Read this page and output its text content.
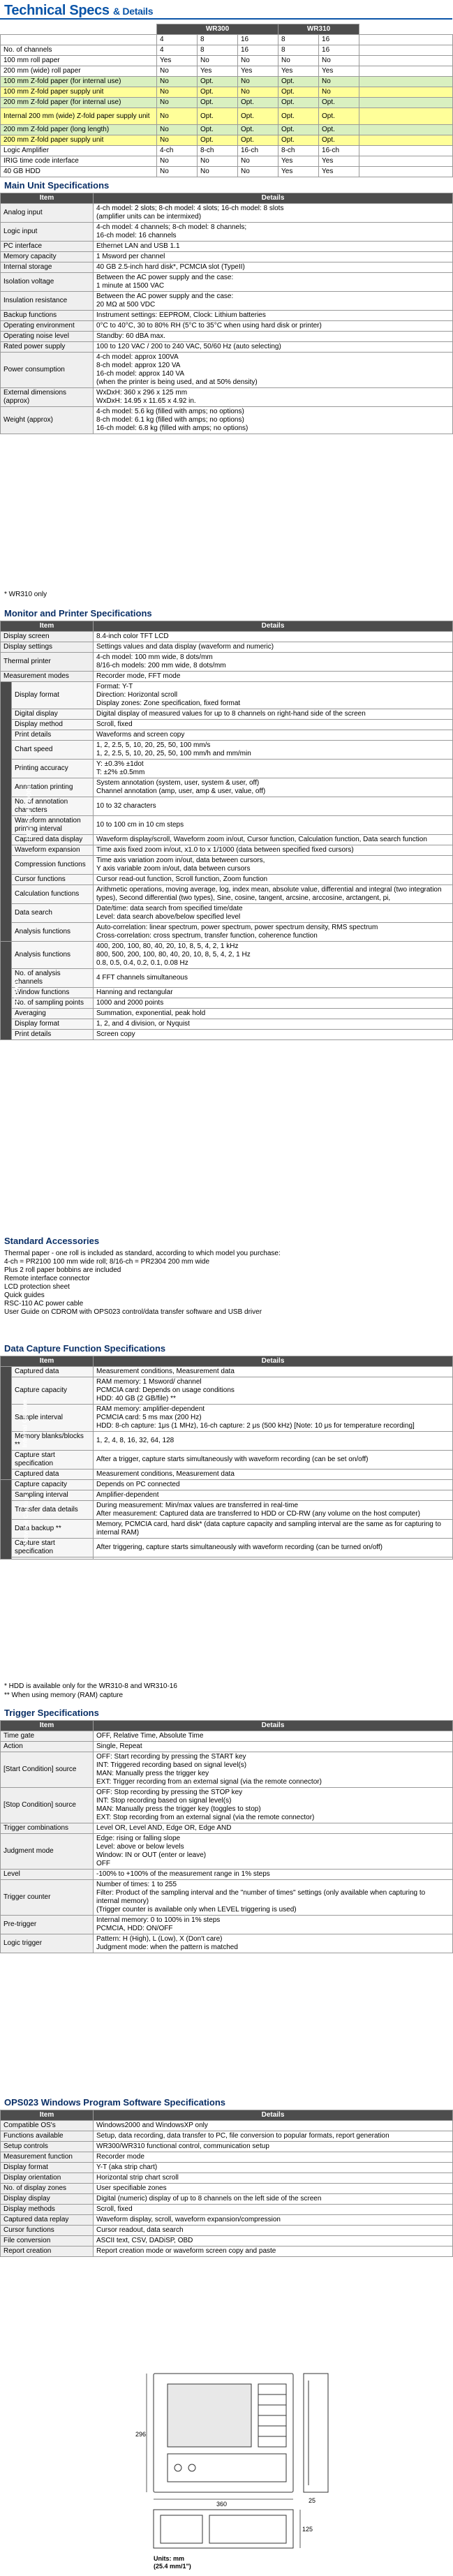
Technical Specs & Details
	WR300			WR310		
	4	8	16	8	16	
No. of channels	4	8	16	8	16	
100 mm roll paper	Yes	No	No	No	No	
200 mm (wide) roll paper	No	Yes	Yes	Yes	Yes	
100 mm Z-fold paper (for internal use)	No	Opt.	No	Opt.	No	
100 mm Z-fold paper supply unit	No	Opt.	No	Opt.	No	
200 mm Z-fold paper (for internal use)	No	Opt.	Opt.	Opt.	Opt.	
Internal 200 mm (wide) Z-fold paper supply unit	No	Opt.	Opt.	Opt.	Opt.	
200 mm Z-fold paper (long length)	No	Opt.	Opt.	Opt.	Opt.	
200 mm Z-fold paper supply unit	No	Opt.	Opt.	Opt.	Opt.	
Logic Amplifier	4-ch	8-ch	16-ch	8-ch	16-ch	
IRIG time code interface	No	No	No	Yes	Yes	
40 GB HDD	No	No	No	Yes	Yes	
Main Unit Specifications
Item	Details
Analog input	4-ch model: 2 slots; 8-ch model: 4 slots; 16-ch model: 8 slots
(amplifier units can be intermixed)
Logic input	4-ch model: 4 channels; 8-ch model: 8 channels;
16-ch model: 16 channels
PC interface	Ethernet LAN and USB 1.1
Memory capacity	1 Msword per channel
Internal storage	40 GB 2.5-inch hard disk*, PCMCIA slot (TypeII)
Isolation voltage	Between the AC power supply and the case:
1 minute at 1500 VAC
Insulation resistance	Between the AC power supply and the case:
20 MΩ at 500 VDC
Backup functions	Instrument settings: EEPROM, Clock: Lithium batteries
Operating environment	0°C to 40°C, 30 to 80% RH (5°C to 35°C when using hard disk or printer)
Operating noise level	Standby: 60 dBA max.
Rated power supply	100 to 120 VAC / 200 to 240 VAC, 50/60 Hz (auto selecting)
Power consumption	4-ch model: approx 100VA
8-ch model: approx 120 VA
16-ch model: approx 140 VA
(when the printer is being used, and at 50% density)
External dimensions (approx)	WxDxH: 360 x 296 x 125 mm
WxDxH: 14.95 x 11.65 x 4.92 in.
Weight (approx)	4-ch model: 5.6 kg (filled with amps; no options)
8-ch model: 6.1 kg (filled with amps; no options)
16-ch model: 6.8 kg (filled with amps; no options)
* WR310 only
Monitor and Printer Specifications
Item		Details
Display screen		8.4-inch color TFT LCD
Display settings		Settings values and data display (waveform and numeric)
Thermal printer		4-ch model: 100 mm wide, 8 dots/mm
8/16-ch models: 200 mm wide, 8 dots/mm
Measurement modes		Recorder mode, FFT mode
RECORDER MODE	Display format	Format: Y-T
Direction: Horizontal scroll
Display zones: Zone specification, fixed format
	Digital display	Digital display of measured values for up to 8 channels on right-hand side of the screen
	Display method	Scroll, fixed
	Print details	Waveforms and screen copy
	Chart speed	1, 2, 2.5, 5, 10, 20, 25, 50, 100 mm/s
1, 2, 2.5, 5, 10, 20, 25, 50, 100 mm/h and mm/min
	Printing accuracy	Y: ±0.3% ±1dot
T: ±2% ±0.5mm
	Annotation printing	System annotation (system, user, system & user, off)
Channel annotation (amp, user, amp & user, value, off)
	No. of annotation characters	10 to 32 characters
	Waveform annotation printing interval	10 to 100 cm in 10 cm steps
	Captured data display	Waveform display/scroll, Waveform zoom in/out, Cursor function, Calculation function, Data search function
	Waveform expansion	Time axis fixed zoom in/out, x1.0 to x 1/1000 (data between specified fixed cursors)
	Compression functions	Time axis variation zoom in/out, data between cursors,
Y axis variable zoom in/out, data between cursors
	Cursor functions	Cursor read-out function, Scroll function, Zoom function
	Calculation functions	Arithmetic operations, moving average, log, index mean, absolute value, differential and integral (two integration types), Second differential (two types), Sine, cosine, tangent, arcsine, arccosine, arctangent, pi,
	Data search	Date/time: data search from specified time/date
Level: data search above/below specified level
	Analysis functions	Auto-correlation: linear spectrum, power spectrum, power spectrum density, RMS spectrum
Cross-correlation: cross spectrum, transfer function, coherence function
FFT MODE	Analysis functions	400, 200, 100, 80, 40, 20, 10, 8, 5, 4, 2, 1 kHz
800, 500, 200, 100, 80, 40, 20, 10, 8, 5, 4, 2, 1 Hz
0.8, 0.5, 0.4, 0.2, 0.1, 0.08 Hz
	No. of analysis channels	4 FFT channels simultaneous
	Window functions	Hanning and rectangular
	No. of sampling points	1000 and 2000 points
	Averaging	Summation, exponential, peak hold
	Display format	1, 2, and 4 division, or Nyquist
	Print details	Screen copy
Standard Accessories
Thermal paper - one roll is included as standard, according to which model you purchase:
4-ch = PR2100 100 mm wide roll; 8/16-ch = PR2304 200 mm wide
Plus 2 roll paper bobbins are included
Remote interface connector
LCD protection sheet
Quick guides
RSC-110 AC power cable
User Guide on CDROM with OPS023 control/data transfer software and USB driver
Data Capture Function Specifications
Item		Details
Internal Capture	Captured data	Measurement conditions, Measurement data
	Capture capacity	RAM memory: 1 Msword/ channel
PCMCIA card: Depends on usage conditions
HDD: 40 GB (2 GB/file) **
	Sample interval	RAM memory: amplifier-dependent
PCMCIA card: 5 ms max (200 Hz)
HDD: 8-ch capture: 1μs (1 MHz), 16-ch capture: 2 μs (500 kHz) [Note: 10 μs for temperature recording]
	Memory blanks/blocks **	1, 2, 4, 8, 16, 32, 64, 128
	Capture start specification	After a trigger, capture starts simultaneously with waveform recording (can be set on/off)
	Captured data	Measurement conditions, Measurement data
Network Capture	Capture capacity	Depends on PC connected
	Sampling interval	Amplifier-dependent
	Transfer data details	During measurement: Min/max values are transferred in real-time
After measurement: Captured data are transferred to HDD or CD-RW (any volume on the host computer)
	Data backup **	Memory, PCMCIA card, hard disk* (data capture capacity and sampling interval are the same as for capturing to internal RAM)
	Capture start specification	After triggering, capture starts simultaneously with waveform recording (can be turned on/off)

* HDD is available only for the WR310-8 and WR310-16
** When using memory (RAM) capture
Trigger Specifications
Item	Details
Time gate	OFF, Relative Time, Absolute Time
Action	Single, Repeat
[Start Condition] source	OFF: Start recording by pressing the START key
INT: Triggered recording based on signal level(s)
MAN: Manually press the trigger key
EXT: Trigger recording from an external signal (via the remote connector)
[Stop Condition] source	OFF: Stop recording by pressing the STOP key
INT: Stop recording based on signal level(s)
MAN: Manually press the trigger key (toggles to stop)
EXT: Stop recording from an external signal (via the remote connector)
Trigger combinations	Level OR, Level AND, Edge OR, Edge AND
Judgment mode	Edge: rising or falling slope
Level: above or below levels
Window: IN or OUT (enter or leave)
OFF
Level	-100% to +100% of the measurement range in 1% steps
Trigger counter	Number of times: 1 to 255
Filter: Product of the sampling interval and the "number of times" settings (only available when capturing to internal memory)
(Trigger counter is available only when LEVEL triggering is used)
Pre-trigger	Internal memory: 0 to 100% in 1% steps
PCMCIA, HDD: ON/OFF
Logic trigger	Pattern: H (High), L (Low), X (Don't care)
Judgment mode: when the pattern is matched
OPS023 Windows Program Software Specifications
Item	Details
Compatible OS's	Windows2000 and WindowsXP only
Functions available	Setup, data recording, data transfer to PC, file conversion to popular formats, report generation
Setup controls	WR300/WR310 functional control, communication setup
Measurement function	Recorder mode
Display format	Y-T (aka strip chart)
Display orientation	Horizontal strip chart scroll
No. of display zones	User specifiable zones
Display display	Digital (numeric) display of up to 8 channels on the left side of the screen
Display methods	Scroll, fixed
Captured data replay	Waveform display, scroll, waveform expansion/compression
Cursor functions	Cursor readout, data search
File conversion	ASCII text, CSV, DADiSP, OBD
Report creation	Report creation mode or waveform screen copy and paste
296
360
125
25
Units: mm
(25.4 mm/1")
